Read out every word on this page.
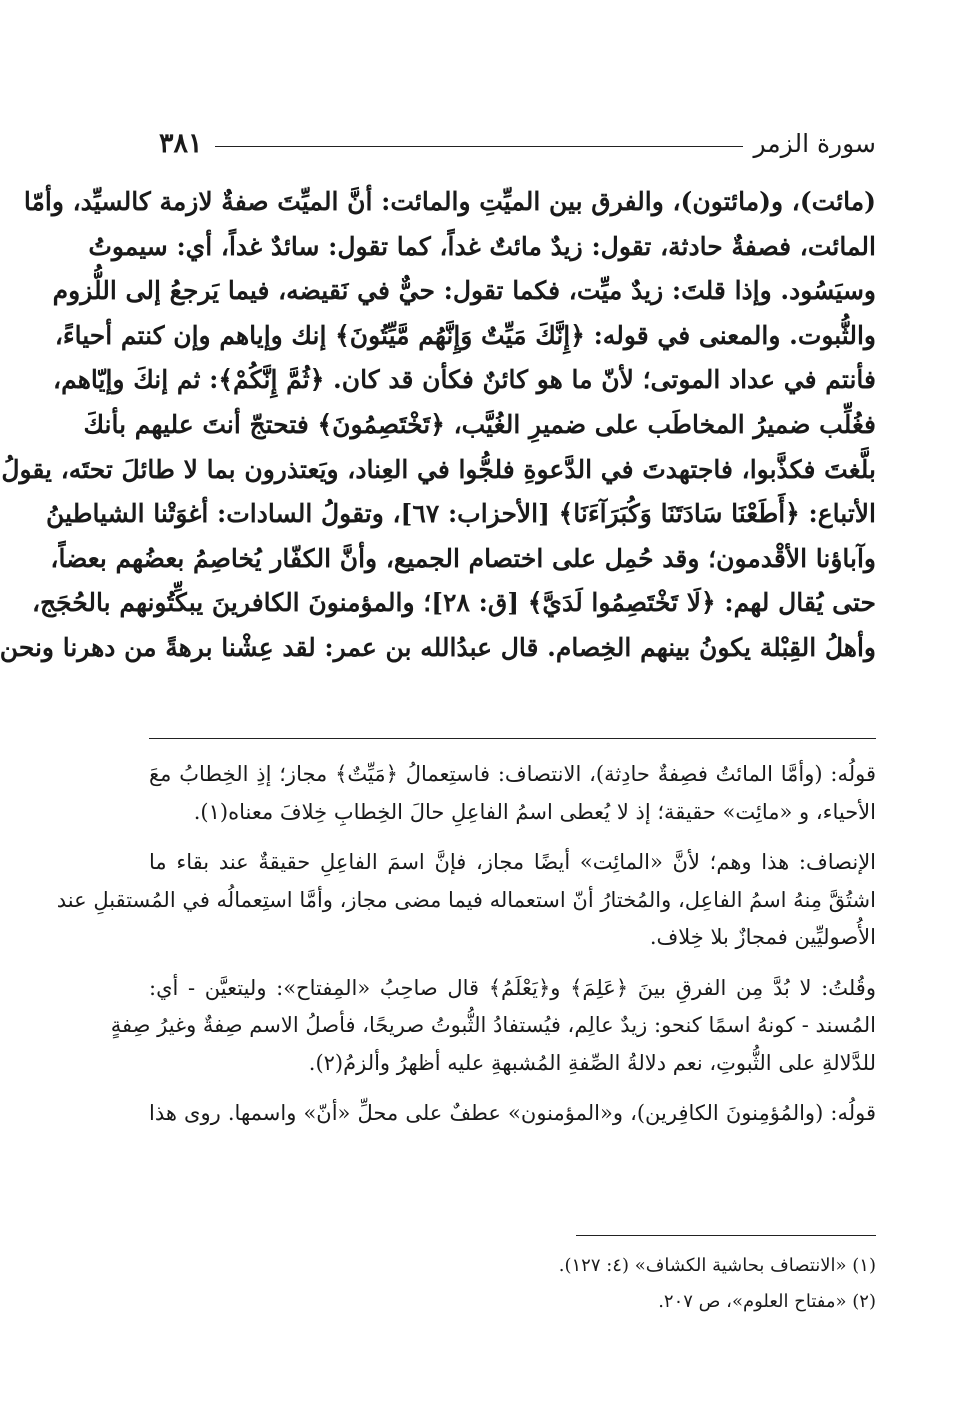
سورة الزمر
٣٨١
(مائت)، و(مائتون)، والفرق بين الميِّتِ والمائت: أنَّ الميِّتَ صفةٌ لازمة كالسيِّد، وأمّا
المائت، فصفةٌ حادثة، تقول: زيدٌ مائتٌ غداً، كما تقول: سائدٌ غداً، أي: سيموتُ
وسيَسُود. وإذا قلتَ: زيدٌ ميِّت، فكما تقول: حيٌّ في نَقيضه، فيما يَرجعُ إلى اللُّزوم
والثُّبوت. والمعنى في قوله: ﴿إِنَّكَ مَيِّتٌ وَإِنَّهُم مَّيِّتُونَ﴾ إنك وإياهم وإن كنتم أحياءً،
فأنتم في عداد الموتى؛ لأنّ ما هو كائنٌ فكأن قد كان. ﴿ثُمَّ إِنَّكُمْ﴾: ثم إنكَ وإيّاهم،
فغُلِّب ضميرُ المخاطَب على ضميرِ الغُيَّب، ﴿تَخْتَصِمُونَ﴾ فتحتجّ أنتَ عليهم بأنكَ
بلَّغتَ فكذَّبوا، فاجتهدتَ في الدَّعوةِ فلجُّوا في العِناد، ويَعتذرون بما لا طائلَ تحتَه، يقولُ
الأتباع: ﴿أَطَعْنَا سَادَتَنَا وَكُبَرَآءَنَا﴾ [الأحزاب: ٦٧]، وتقولُ السادات: أغوَتْنا الشياطينُ
وآباؤنا الأقْدمون؛ وقد حُمِل على اختصام الجميع، وأنَّ الكفّار يُخاصِمُ بعضُهم بعضاً،
حتى يُقال لهم: ﴿لَا تَخْتَصِمُوا لَدَيَّ﴾ [ق: ٢٨]؛ والمؤمنونَ الكافرينَ يبكِّتُونهم بالحُجَج،
وأهلُ القِبْلة يكونُ بينهم الخِصام. قال عبدُالله بن عمر: لقد عِشْنا برهةً من دهرنا ونحن
قولُه: (وأمَّا المائتُ فصِفةٌ حادِثة)، الانتصاف: فاستِعمالُ ﴿مَيِّتٌ﴾ مجاز؛ إذِ الخِطابُ معَ
الأحياء، و «مائِت» حقيقة؛ إذ لا يُعطى اسمُ الفاعِلِ حالَ الخِطابِ خِلافَ معناه(١).
الإنصاف: هذا وهم؛ لأنَّ «المائِت» أيضًا مجاز، فإنَّ اسمَ الفاعِلِ حقيقةٌ عند بقاء ما
اشتُقَّ مِنهُ اسمُ الفاعِل، والمُختارُ أنّ استعماله فيما مضى مجاز، وأمَّا استِعمالُه في المُستقبلِ عند
الأُصوليِّين فمجازٌ بلا خِلاف.
وقُلتُ: لا بُدَّ مِن الفرقِ بينَ ﴿عَلِمَ﴾ و﴿يَعْلَمُ﴾ قال صاحِبُ «المِفتاح»: وليتعيَّن - أي:
المُسند - كونهُ اسمًا كنحو: زيدٌ عالِم، فيُستفادُ الثُّبوتُ صريحًا، فأصلُ الاسم صِفةٌ وغيرُ صِفةٍ
للدَّلالةِ على الثُّبوتِ، نعم دلالةُ الصِّفةِ المُشبهةِ عليه أظهرُ وألزمُ(٢).
قولُه: (والمُؤمِنونَ الكافِرين)، و«المؤمنون» عطفٌ على محلِّ «أنّ» واسمها. روى هذا
(١) «الانتصاف بحاشية الكشاف» (٤: ١٢٧).
(٢) «مفتاح العلوم»، ص ٢٠٧.
